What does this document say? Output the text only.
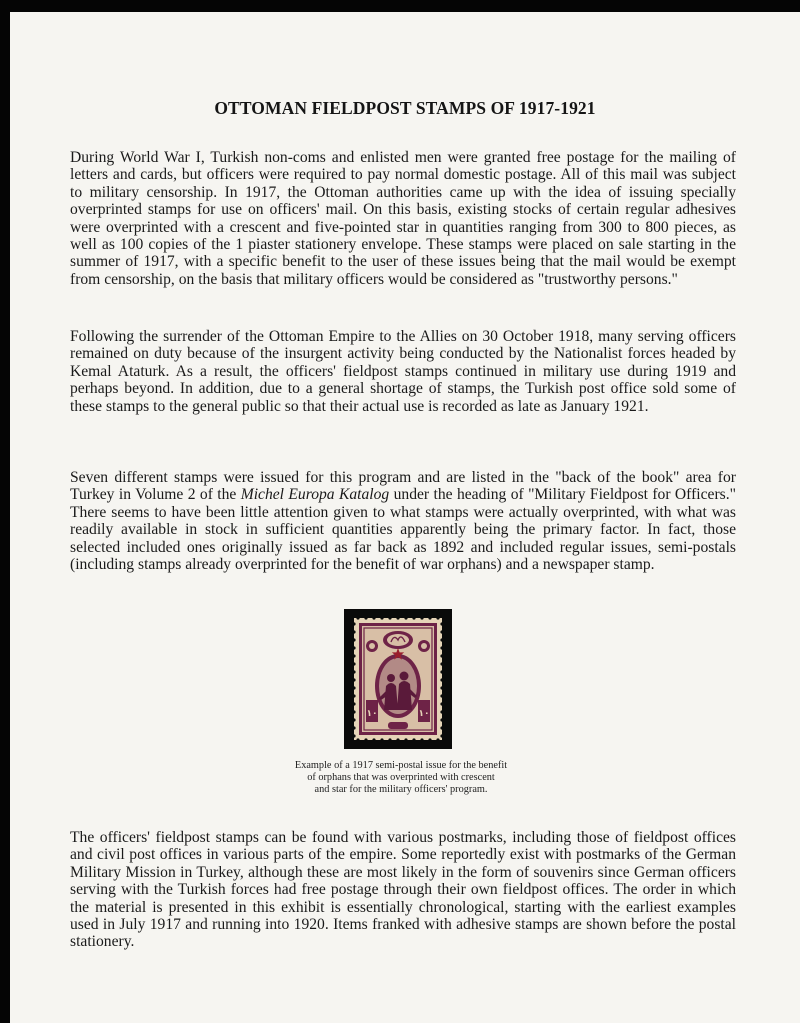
OTTOMAN FIELDPOST STAMPS OF 1917-1921

During World War I, Turkish non-coms and enlisted men were granted free postage for the mailing of letters and cards, but officers were required to pay normal domestic postage. All of this mail was subject to military censorship. In 1917, the Ottoman authorities came up with the idea of issuing specially overprinted stamps for use on officers' mail. On this basis, existing stocks of certain regular adhesives were overprinted with a crescent and five-pointed star in quantities ranging from 300 to 800 pieces, as well as 100 copies of the 1 piaster stationery envelope. These stamps were placed on sale starting in the summer of 1917, with a specific benefit to the user of these issues being that the mail would be exempt from censorship, on the basis that military officers would be considered as "trustworthy persons."

Following the surrender of the Ottoman Empire to the Allies on 30 October 1918, many serving officers remained on duty because of the insurgent activity being conducted by the Nationalist forces headed by Kemal Ataturk. As a result, the officers' fieldpost stamps continued in military use during 1919 and perhaps beyond. In addition, due to a general shortage of stamps, the Turkish post office sold some of these stamps to the general public so that their actual use is recorded as late as January 1921.

Seven different stamps were issued for this program and are listed in the "back of the book" area for Turkey in Volume 2 of the Michel Europa Katalog under the heading of "Military Fieldpost for Officers." There seems to have been little attention given to what stamps were actually overprinted, with what was readily available in stock in sufficient quantities apparently being the primary factor. In fact, those selected included ones originally issued as far back as 1892 and included regular issues, semi-postals (including stamps already overprinted for the benefit of war orphans) and a newspaper stamp.

١٠	١٠

Example of a 1917 semi-postal issue for the benefit
of orphans that was overprinted with crescent
and star for the military officers' program.

The officers' fieldpost stamps can be found with various postmarks, including those of fieldpost offices and civil post offices in various parts of the empire. Some reportedly exist with postmarks of the German Military Mission in Turkey, although these are most likely in the form of souvenirs since German officers serving with the Turkish forces had free postage through their own fieldpost offices. The order in which the material is presented in this exhibit is essentially chronological, starting with the earliest examples used in July 1917 and running into 1920. Items franked with adhesive stamps are shown before the postal stationery.
